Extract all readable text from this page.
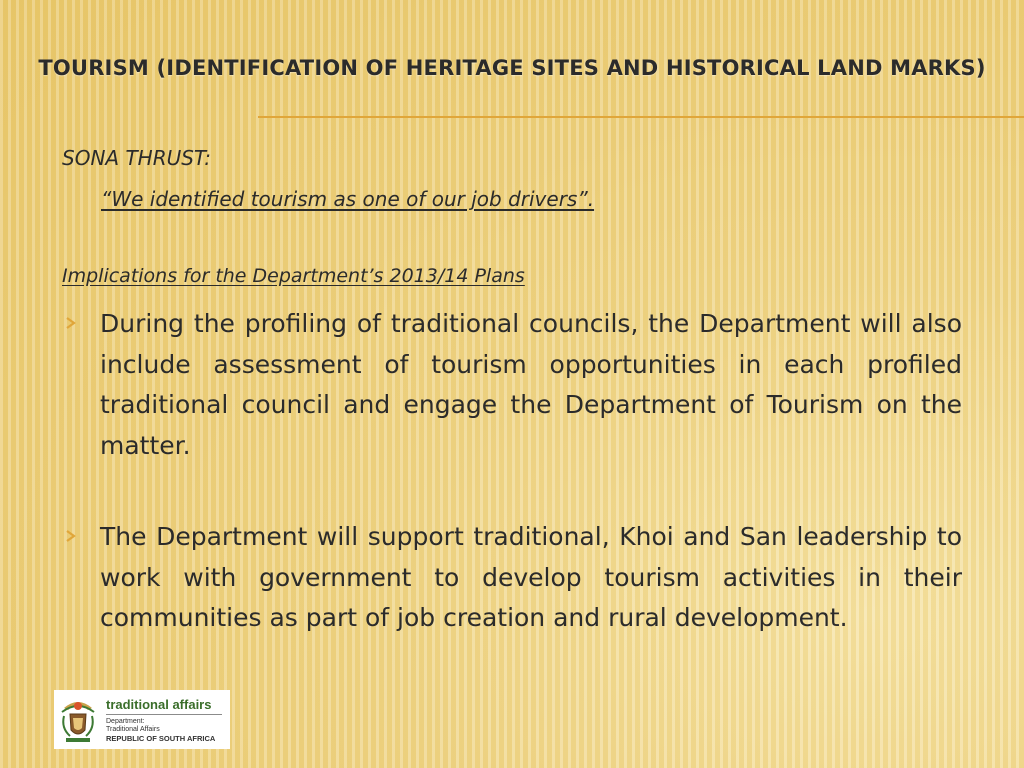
TOURISM (IDENTIFICATION OF HERITAGE SITES AND HISTORICAL LAND MARKS)
SONA THRUST:
“We identified tourism as one of our job drivers”.
Implications for the Department’s 2013/14 Plans
During the profiling of traditional councils, the Department will also include assessment of tourism opportunities in each profiled traditional council and engage the Department of Tourism on the matter.
The Department will support traditional, Khoi and San leadership to work with government to develop tourism activities in their communities as part of job creation and rural development.
traditional affairs
Department:
Traditional Affairs
REPUBLIC OF SOUTH AFRICA
